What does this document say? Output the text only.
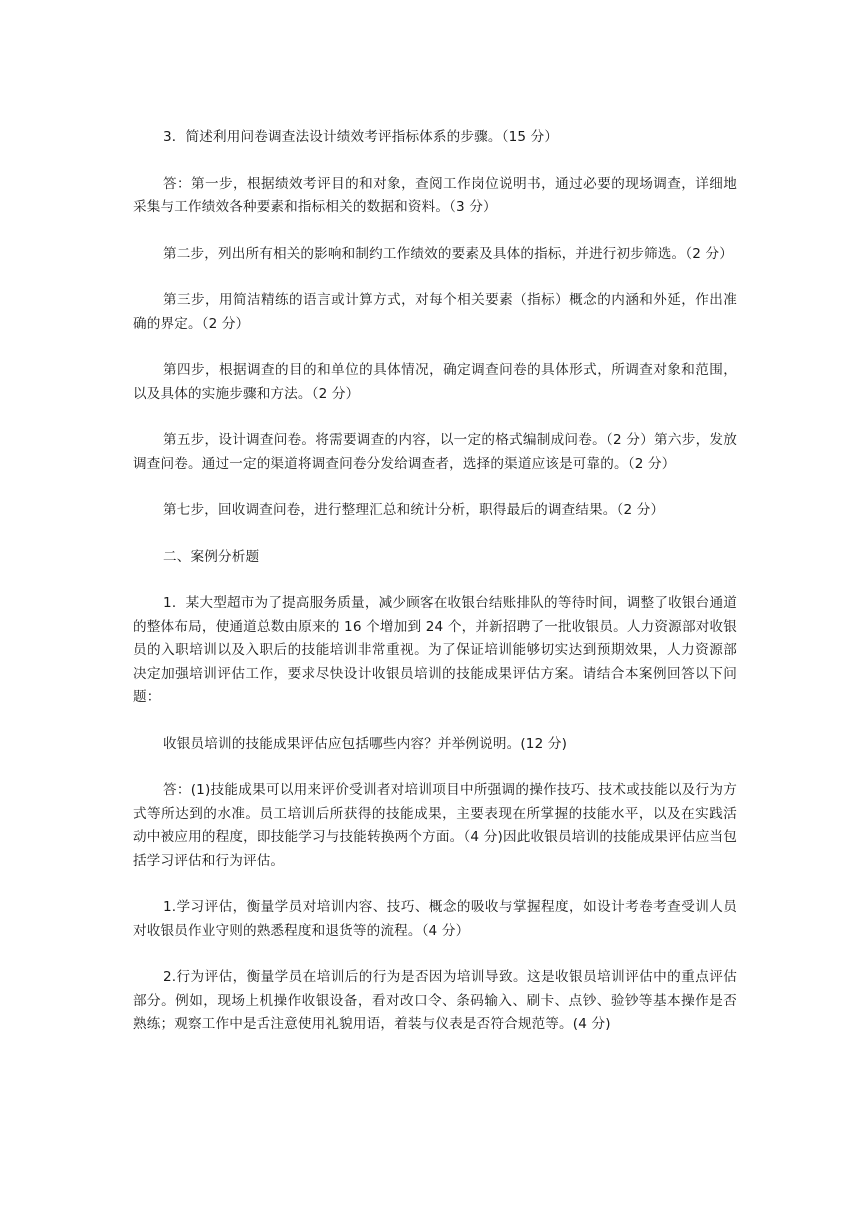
3．简述利用问卷调查法设计绩效考评指标体系的步骤。（15 分）

答：第一步，根据绩效考评目的和对象，查阅工作岗位说明书，通过必要的现场调查，详细地采集与工作绩效各种要素和指标相关的数据和资料。（3 分）

第二步，列出所有相关的影响和制约工作绩效的要素及具体的指标，并进行初步筛选。（2 分）

第三步，用简洁精练的语言或计算方式，对每个相关要素（指标）概念的内涵和外延，作出准确的界定。（2 分）

第四步，根据调查的目的和单位的具体情况，确定调查问卷的具体形式，所调查对象和范围，以及具体的实施步骤和方法。（2 分）

第五步，设计调查问卷。将需要调查的内容，以一定的格式编制成问卷。（2 分）第六步，发放调查问卷。通过一定的渠道将调查问卷分发给调查者，选择的渠道应该是可靠的。（2 分）

第七步，回收调查问卷，进行整理汇总和统计分析，职得最后的调查结果。（2 分）

二、案例分析题

1．某大型超市为了提高服务质量，减少顾客在收银台结账排队的等待时间，调整了收银台通道的整体布局，使通道总数由原来的 16 个增加到 24 个，并新招聘了一批收银员。人力资源部对收银员的入职培训以及入职后的技能培训非常重视。为了保证培训能够切实达到预期效果，人力资源部决定加强培训评估工作，要求尽快设计收银员培训的技能成果评估方案。请结合本案例回答以下问题：

收银员培训的技能成果评估应包括哪些内容？并举例说明。(12 分)

答：(1)技能成果可以用来评价受训者对培训项目中所强调的操作技巧、技术或技能以及行为方式等所达到的水准。员工培训后所获得的技能成果，主要表现在所掌握的技能水平，以及在实践活动中被应用的程度，即技能学习与技能转换两个方面。（4 分)因此收银员培训的技能成果评估应当包括学习评估和行为评估。

1.学习评估，衡量学员对培训内容、技巧、概念的吸收与掌握程度，如设计考卷考查受训人员对收银员作业守则的熟悉程度和退货等的流程。（4 分）

2.行为评估，衡量学员在培训后的行为是否因为培训导致。这是收银员培训评估中的重点评估部分。例如，现场上机操作收银设备，看对改口令、条码输入、刷卡、点钞、验钞等基本操作是否熟练；观察工作中是舌注意使用礼貌用语，着装与仪表是否符合规范等。(4 分)
